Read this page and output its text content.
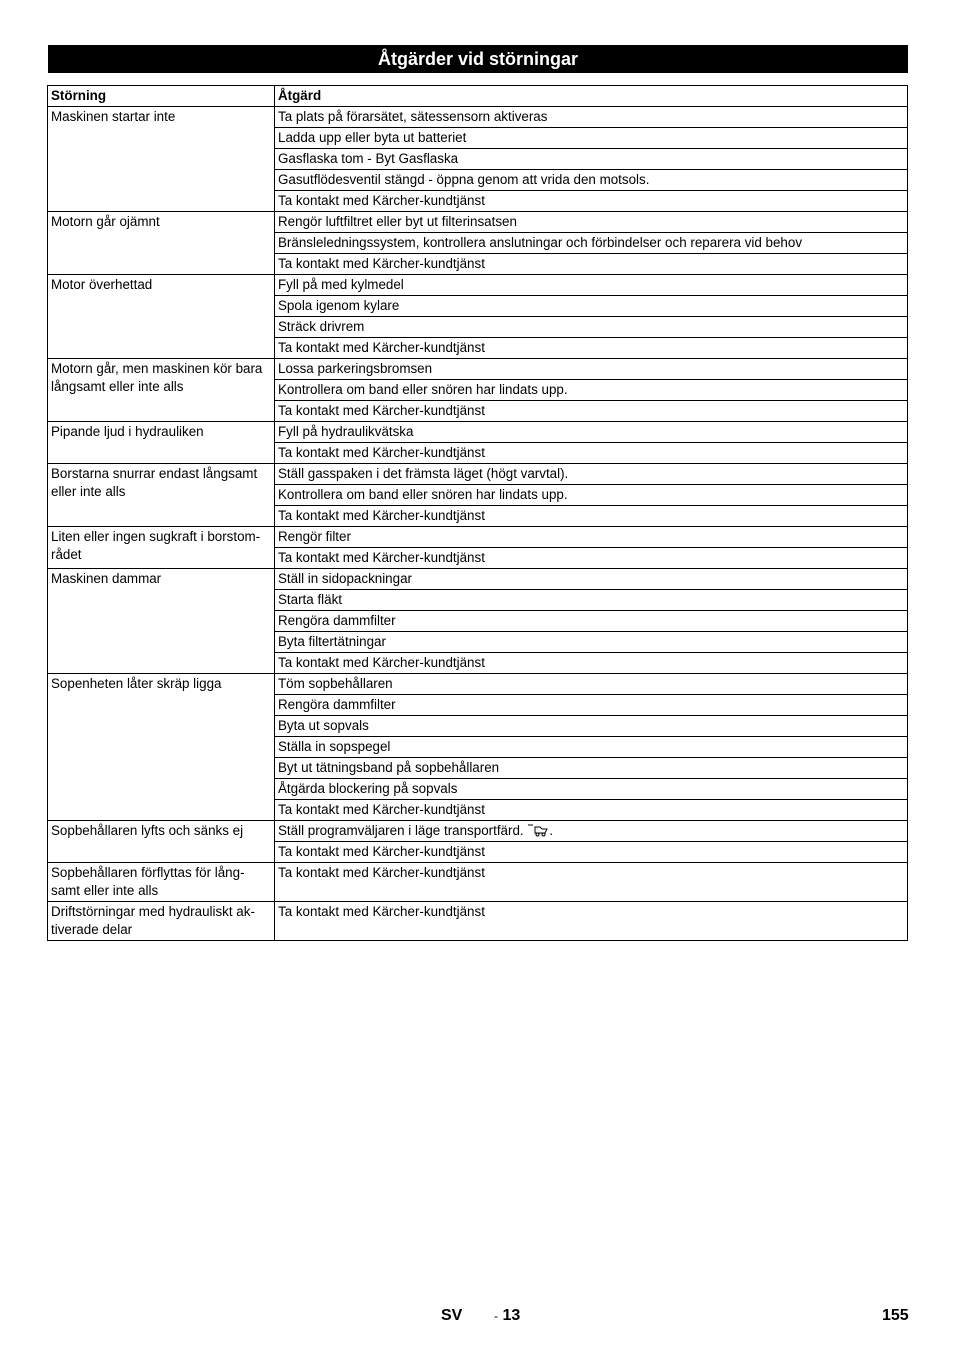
Åtgärder vid störningar
Störning	Åtgärd
Maskinen startar inte	Ta plats på förarsätet, sätessensorn aktiveras
	Ladda upp eller byta ut batteriet
	Gasflaska tom - Byt Gasflaska
	Gasutflödesventil stängd - öppna genom att vrida den motsols.
	Ta kontakt med Kärcher-kundtjänst
Motorn går ojämnt	Rengör luftfiltret eller byt ut filterinsatsen
	Bränsleledningssystem, kontrollera anslutningar och förbindelser och reparera vid behov
	Ta kontakt med Kärcher-kundtjänst
Motor överhettad	Fyll på med kylmedel
	Spola igenom kylare
	Sträck drivrem
	Ta kontakt med Kärcher-kundtjänst
Motorn går, men maskinen kör bara långsamt eller inte alls	Lossa parkeringsbromsen
	Kontrollera om band eller snören har lindats upp.
	Ta kontakt med Kärcher-kundtjänst
Pipande ljud i hydrauliken	Fyll på hydraulikvätska
	Ta kontakt med Kärcher-kundtjänst
Borstarna snurrar endast långsamt eller inte alls	Ställ gasspaken i det främsta läget (högt varvtal).
	Kontrollera om band eller snören har lindats upp.
	Ta kontakt med Kärcher-kundtjänst
Liten eller ingen sugkraft i borstom-rådet	Rengör filter
	Ta kontakt med Kärcher-kundtjänst
Maskinen dammar	Ställ in sidopackningar
	Starta fläkt
	Rengöra dammfilter
	Byta filtertätningar
	Ta kontakt med Kärcher-kundtjänst
Sopenheten låter skräp ligga	Töm sopbehållaren
	Rengöra dammfilter
	Byta ut sopvals
	Ställa in sopspegel
	Byt ut tätningsband på sopbehållaren
	Åtgärda blockering på sopvals
	Ta kontakt med Kärcher-kundtjänst
Sopbehållaren lyfts och sänks ej	Ställ programväljaren i läge transportfärd. .
	Ta kontakt med Kärcher-kundtjänst
Sopbehållaren förflyttas för lång-samt eller inte alls	Ta kontakt med Kärcher-kundtjänst
Driftstörningar med hydrauliskt ak-tiverade delar	Ta kontakt med Kärcher-kundtjänst
SV	- 13	155
